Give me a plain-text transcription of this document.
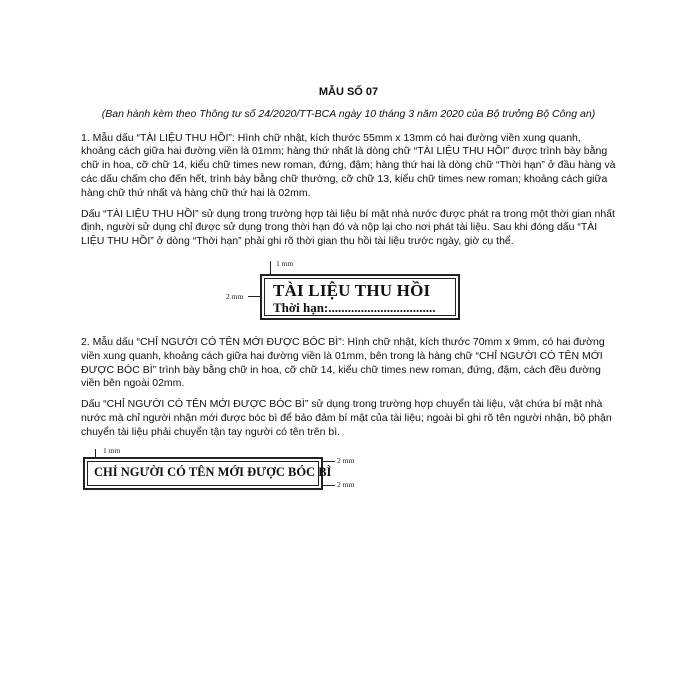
MẪU SỐ 07
(Ban hành kèm theo Thông tư số 24/2020/TT-BCA ngày 10 tháng 3 năm 2020 của Bộ trưởng Bộ Công an)

1. Mẫu dấu “TÀI LIỆU THU HỒI”: Hình chữ nhật, kích thước 55mm x 13mm có hai đường viền xung quanh, khoảng cách giữa hai đường viền là 01mm; hàng thứ nhất là dòng chữ “TÀI LIỆU THU HỒI” được trình bày bằng chữ in hoa, cỡ chữ 14, kiểu chữ times new roman, đứng, đậm; hàng thứ hai là dòng chữ “Thời hạn” ở đầu hàng và các dấu chấm cho đến hết, trình bày bằng chữ thường, cỡ chữ 13, kiểu chữ times new roman; khoảng cách giữa hàng chữ thứ nhất và hàng chữ thứ hai là 02mm.

Dấu “TÀI LIỆU THU HỒI” sử dụng trong trường hợp tài liệu bí mật nhà nước được phát ra trong một thời gian nhất định, người sử dụng chỉ được sử dụng trong thời hạn đó và nộp lại cho nơi phát tài liệu. Sau khi đóng dấu “TÀI LIỆU THU HỒI” ở dòng “Thời hạn” phải ghi rõ thời gian thu hồi tài liệu trước ngày, giờ cụ thể.

1 mm
2 mm TÀI LIỆU THU HỒI
Thời hạn:.................................

2. Mẫu dấu “CHỈ NGƯỜI CÓ TÊN MỚI ĐƯỢC BÓC BÌ”: Hình chữ nhật, kích thước 70mm x 9mm, có hai đường viền xung quanh, khoảng cách giữa hai đường viền là 01mm, bên trong là hàng chữ “CHỈ NGƯỜI CÓ TÊN MỚI ĐƯỢC BÓC BÌ” trình bày bằng chữ in hoa, cỡ chữ 14, kiểu chữ times new roman, đứng, đậm, cách đều đường viền bên ngoài 02mm.

Dấu “CHỈ NGƯỜI CÓ TÊN MỚI ĐƯỢC BÓC BÌ” sử dụng trong trường hợp chuyển tài liệu, vật chứa bí mật nhà nước mà chỉ người nhận mới được bóc bì để bảo đảm bí mật của tài liệu; ngoài bì ghi rõ tên người nhận, bộ phận chuyển tài liệu phải chuyển tận tay người có tên trên bì.

1 mm
CHỈ NGƯỜI CÓ TÊN MỚI ĐƯỢC BÓC BÌ
2 mm
2 mm
